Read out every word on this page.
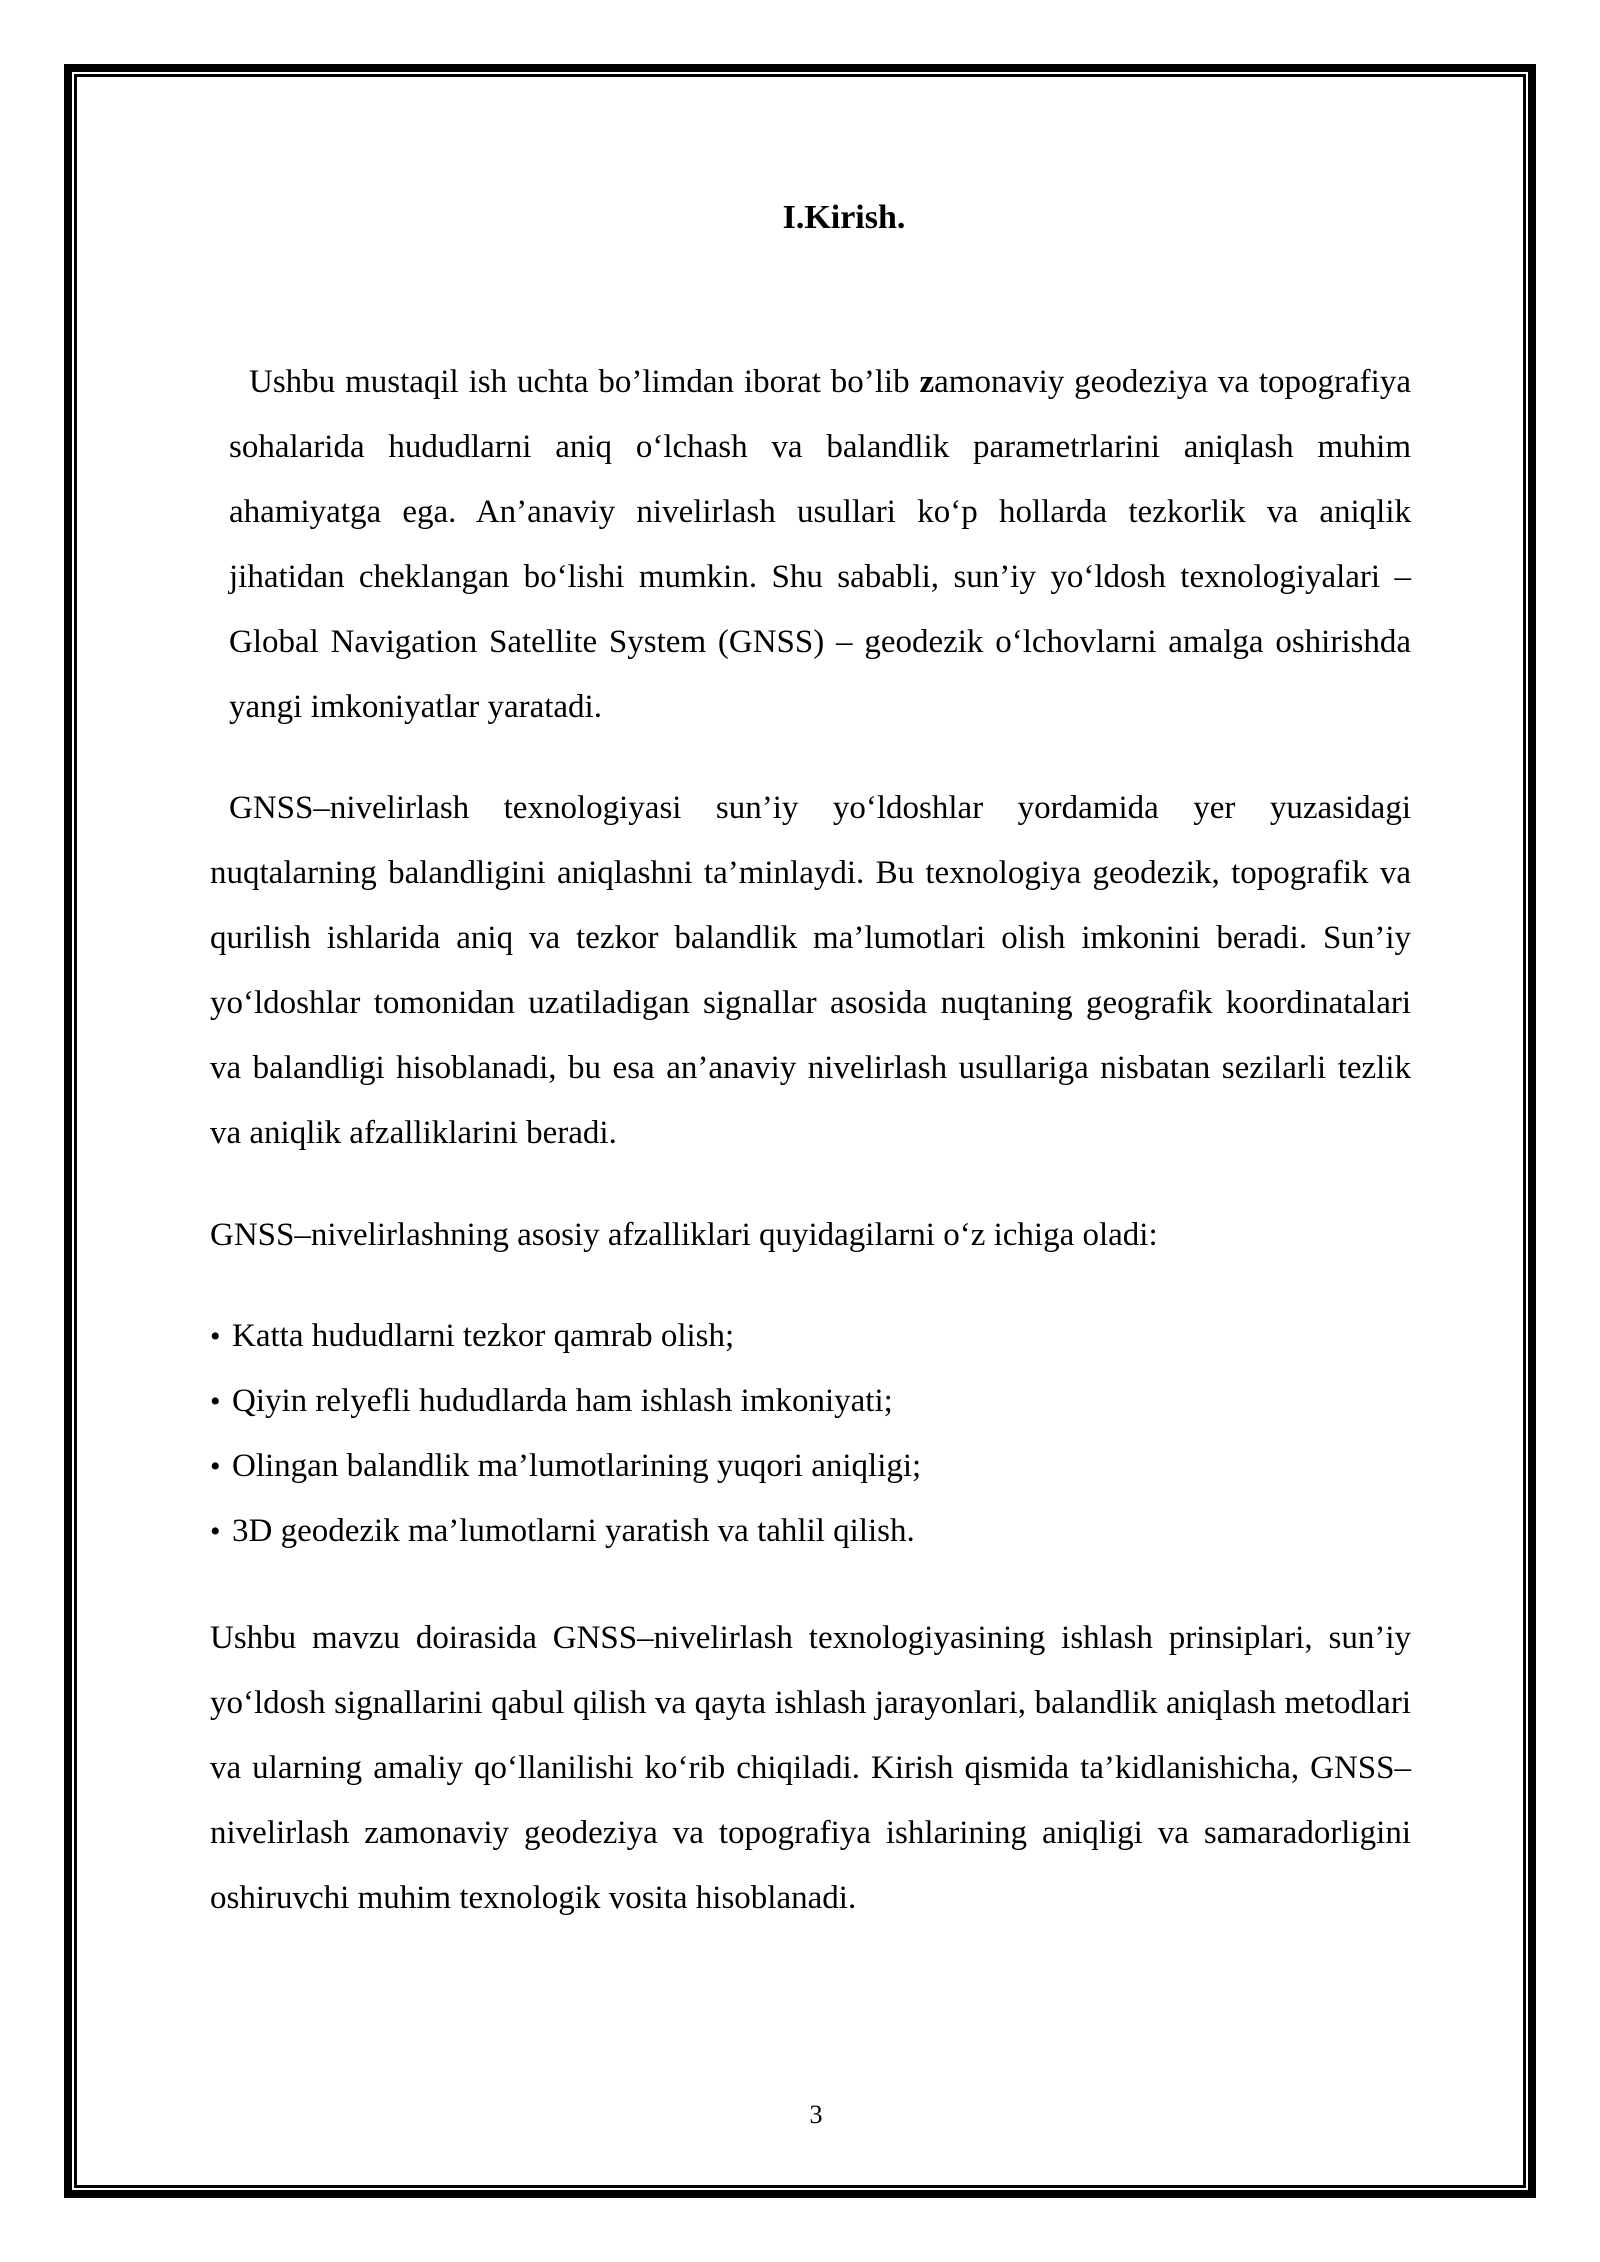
I.Kirish.

Ushbu mustaqil ish uchta bo’limdan iborat bo’lib zamonaviy geodeziya va topografiya sohalarida hududlarni aniq o‘lchash va balandlik parametrlarini aniqlash muhim ahamiyatga ega. An’anaviy nivelirlash usullari ko‘p hollarda tezkorlik va aniqlik jihatidan cheklangan bo‘lishi mumkin. Shu sababli, sun’iy yo‘ldosh texnologiyalari – Global Navigation Satellite System (GNSS) – geodezik o‘lchovlarni amalga oshirishda yangi imkoniyatlar yaratadi.

GNSS–nivelirlash texnologiyasi sun’iy yo‘ldoshlar yordamida yer yuzasidagi nuqtalarning balandligini aniqlashni ta’minlaydi. Bu texnologiya geodezik, topografik va qurilish ishlarida aniq va tezkor balandlik ma’lumotlari olish imkonini beradi. Sun’iy yo‘ldoshlar tomonidan uzatiladigan signallar asosida nuqtaning geografik koordinatalari va balandligi hisoblanadi, bu esa an’anaviy nivelirlash usullariga nisbatan sezilarli tezlik va aniqlik afzalliklarini beradi.

GNSS–nivelirlashning asosiy afzalliklari quyidagilarni o‘z ichiga oladi:

• Katta hududlarni tezkor qamrab olish;
• Qiyin relyefli hududlarda ham ishlash imkoniyati;
• Olingan balandlik ma’lumotlarining yuqori aniqligi;
• 3D geodezik ma’lumotlarni yaratish va tahlil qilish.

Ushbu mavzu doirasida GNSS–nivelirlash texnologiyasining ishlash prinsiplari, sun’iy yo‘ldosh signallarini qabul qilish va qayta ishlash jarayonlari, balandlik aniqlash metodlari va ularning amaliy qo‘llanilishi ko‘rib chiqiladi. Kirish qismida ta’kidlanishicha, GNSS–nivelirlash zamonaviy geodeziya va topografiya ishlarining aniqligi va samaradorligini oshiruvchi muhim texnologik vosita hisoblanadi.

3
